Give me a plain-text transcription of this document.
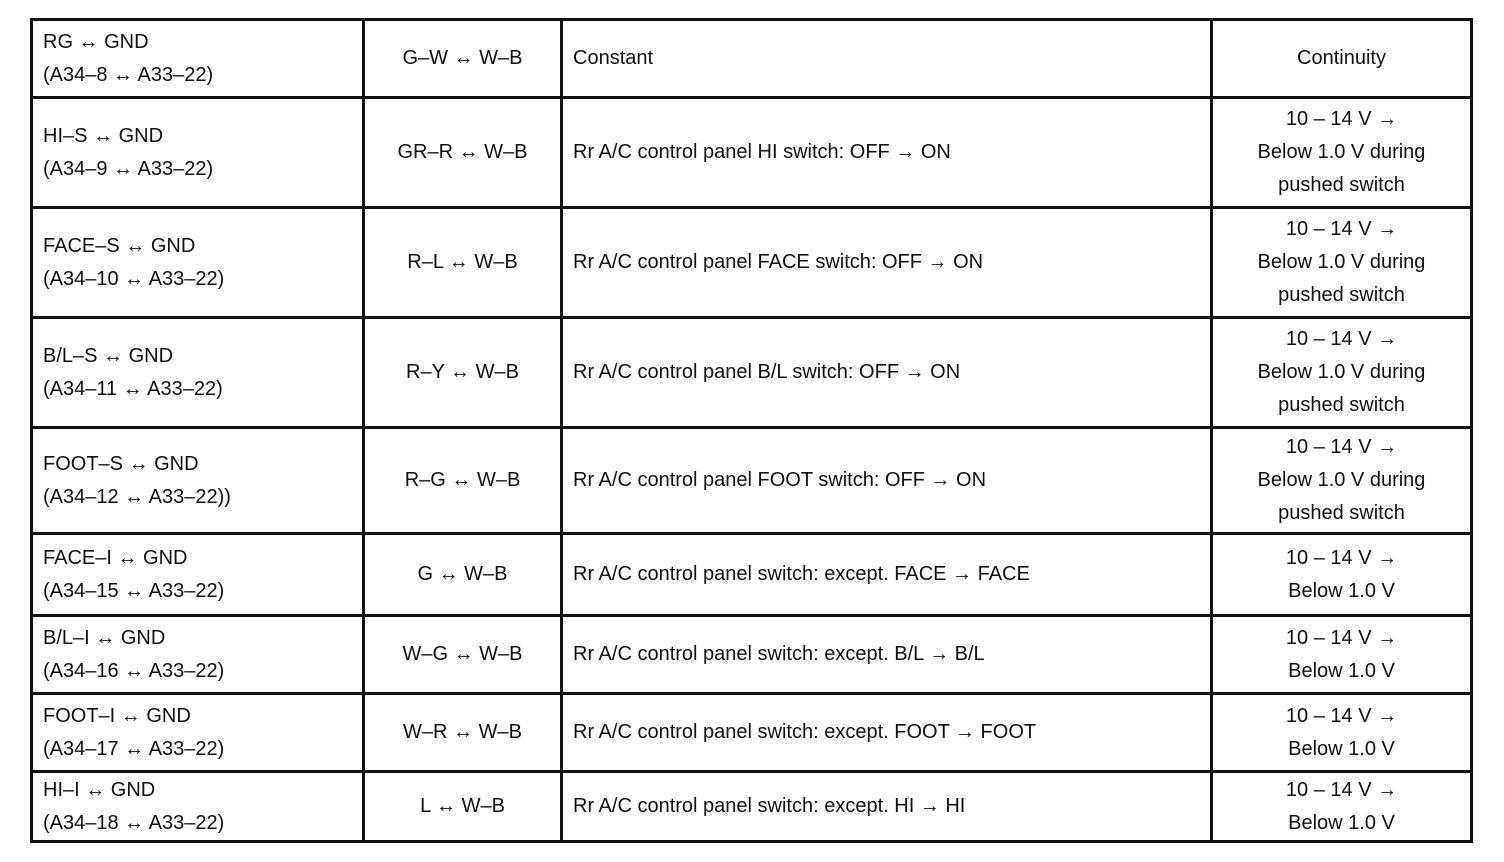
RG ↔ GND
(A34–8 ↔ A33–22)	G–W ↔ W–B	Constant	Continuity

HI–S ↔ GND
(A34–9 ↔ A33–22)	GR–R ↔ W–B	Rr A/C control panel HI switch: OFF → ON	10 – 14 V →
Below 1.0 V during
pushed switch

FACE–S ↔ GND
(A34–10 ↔ A33–22)	R–L ↔ W–B	Rr A/C control panel FACE switch: OFF → ON	10 – 14 V →
Below 1.0 V during
pushed switch

B/L–S ↔ GND
(A34–11 ↔ A33–22)	R–Y ↔ W–B	Rr A/C control panel B/L switch: OFF → ON	10 – 14 V →
Below 1.0 V during
pushed switch

FOOT–S ↔ GND
(A34–12 ↔ A33–22))	R–G ↔ W–B	Rr A/C control panel FOOT switch: OFF → ON	10 – 14 V →
Below 1.0 V during
pushed switch

FACE–I ↔ GND
(A34–15 ↔ A33–22)	G ↔ W–B	Rr A/C control panel switch: except. FACE → FACE	10 – 14 V →
Below 1.0 V

B/L–I ↔ GND
(A34–16 ↔ A33–22)	W–G ↔ W–B	Rr A/C control panel switch: except. B/L → B/L	10 – 14 V →
Below 1.0 V

FOOT–I ↔ GND
(A34–17 ↔ A33–22)	W–R ↔ W–B	Rr A/C control panel switch: except. FOOT → FOOT	10 – 14 V →
Below 1.0 V

HI–I ↔ GND
(A34–18 ↔ A33–22)	L ↔ W–B	Rr A/C control panel switch: except. HI → HI	10 – 14 V →
Below 1.0 V
